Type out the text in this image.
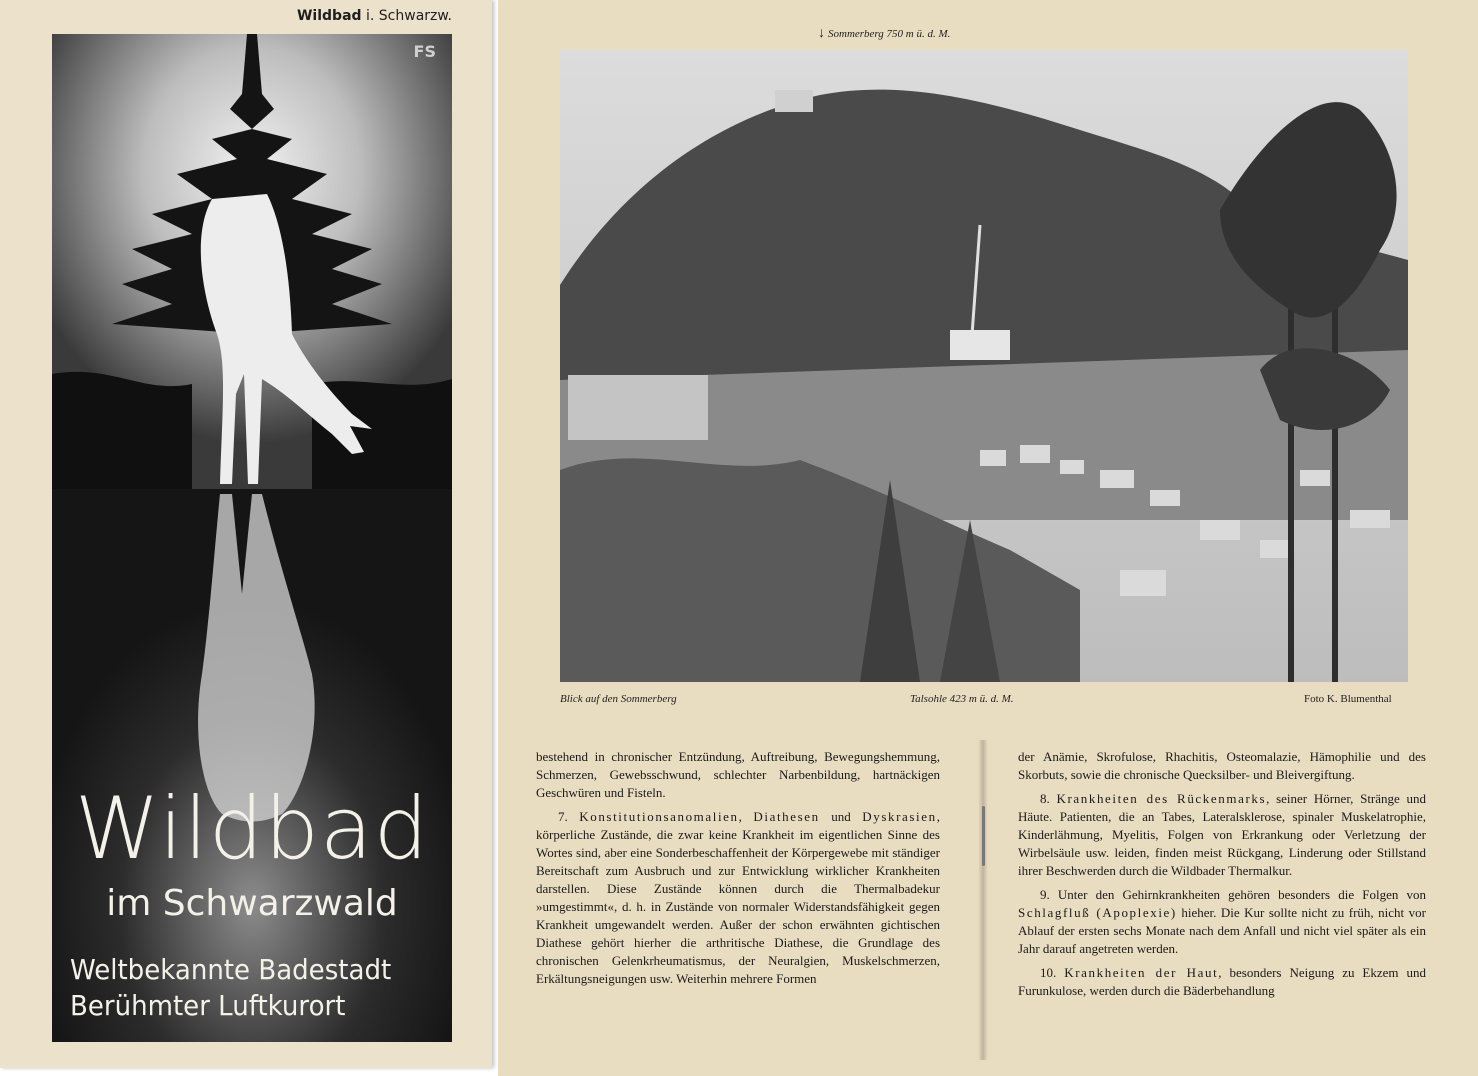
Wildbad i. Schwarzw.
FS
Wildbad
im Schwarzwald
Weltbekannte Badestadt
Berühmter Luftkurort
↓ Sommerberg 750 m ü. d. M.
Blick auf den Sommerberg	Talsohle 423 m ü. d. M.	Foto K. Blumenthal

bestehend in chronischer Entzündung, Auftreibung, Bewegungshemmung, Schmerzen, Gewebsschwund, schlechter Narbenbildung, hartnäckigen Geschwüren und Fisteln.

7. Konstitutionsanomalien, Diathesen und Dyskrasien, körperliche Zustände, die zwar keine Krankheit im eigentlichen Sinne des Wortes sind, aber eine Sonderbeschaffenheit der Körpergewebe mit ständiger Bereitschaft zum Ausbruch und zur Entwicklung wirklicher Krankheiten darstellen. Diese Zustände können durch die Thermalbadekur »umgestimmt«, d. h. in Zustände von normaler Widerstandsfähigkeit gegen Krankheit umgewandelt werden. Außer der schon erwähnten gichtischen Diathese gehört hierher die arthritische Diathese, die Grundlage des chronischen Gelenkrheumatismus, der Neuralgien, Muskelschmerzen, Erkältungsneigungen usw. Weiterhin mehrere Formen

der Anämie, Skrofulose, Rhachitis, Osteomalazie, Hämophilie und des Skorbuts, sowie die chronische Quecksilber- und Bleivergiftung.

8. Krankheiten des Rückenmarks, seiner Hörner, Stränge und Häute. Patienten, die an Tabes, Lateralsklerose, spinaler Muskelatrophie, Kinderlähmung, Myelitis, Folgen von Erkrankung oder Verletzung der Wirbelsäule usw. leiden, finden meist Rückgang, Linderung oder Stillstand ihrer Beschwerden durch die Wildbader Thermalkur.

9. Unter den Gehirnkrankheiten gehören besonders die Folgen von Schlagfluß (Apoplexie) hieher. Die Kur sollte nicht zu früh, nicht vor Ablauf der ersten sechs Monate nach dem Anfall und nicht viel später als ein Jahr darauf angetreten werden.

10. Krankheiten der Haut, besonders Neigung zu Ekzem und Furunkulose, werden durch die Bäderbehandlung
